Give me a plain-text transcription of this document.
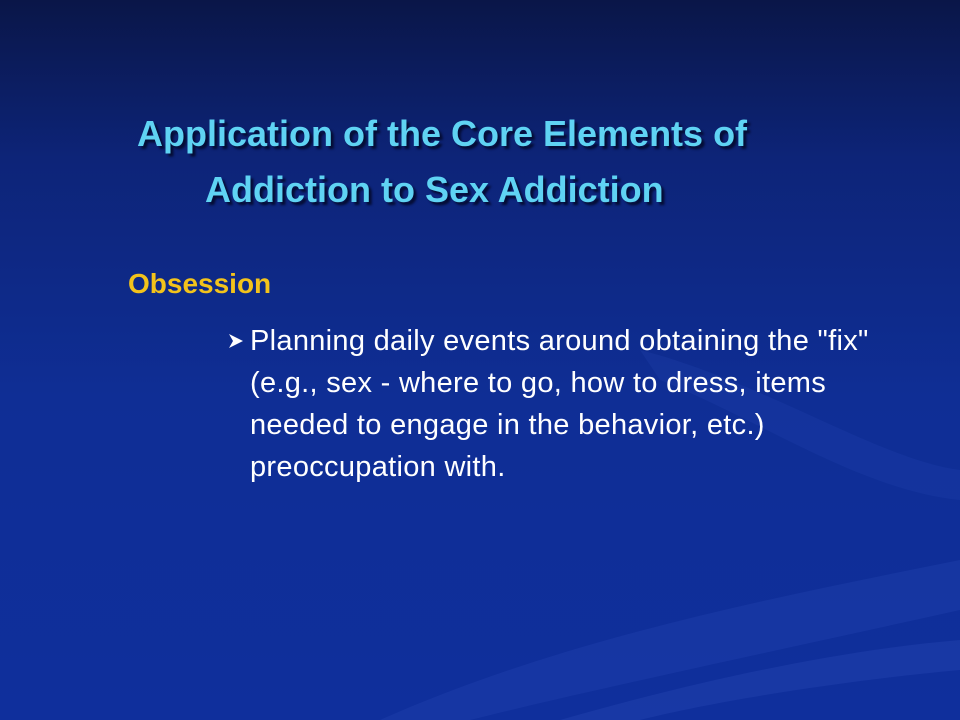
Application of the Core Elements of
Addiction to Sex Addiction
Obsession

Planning daily events around obtaining the "fix" (e.g., sex - where to go, how to dress, items needed to engage in the behavior, etc.) preoccupation with.
